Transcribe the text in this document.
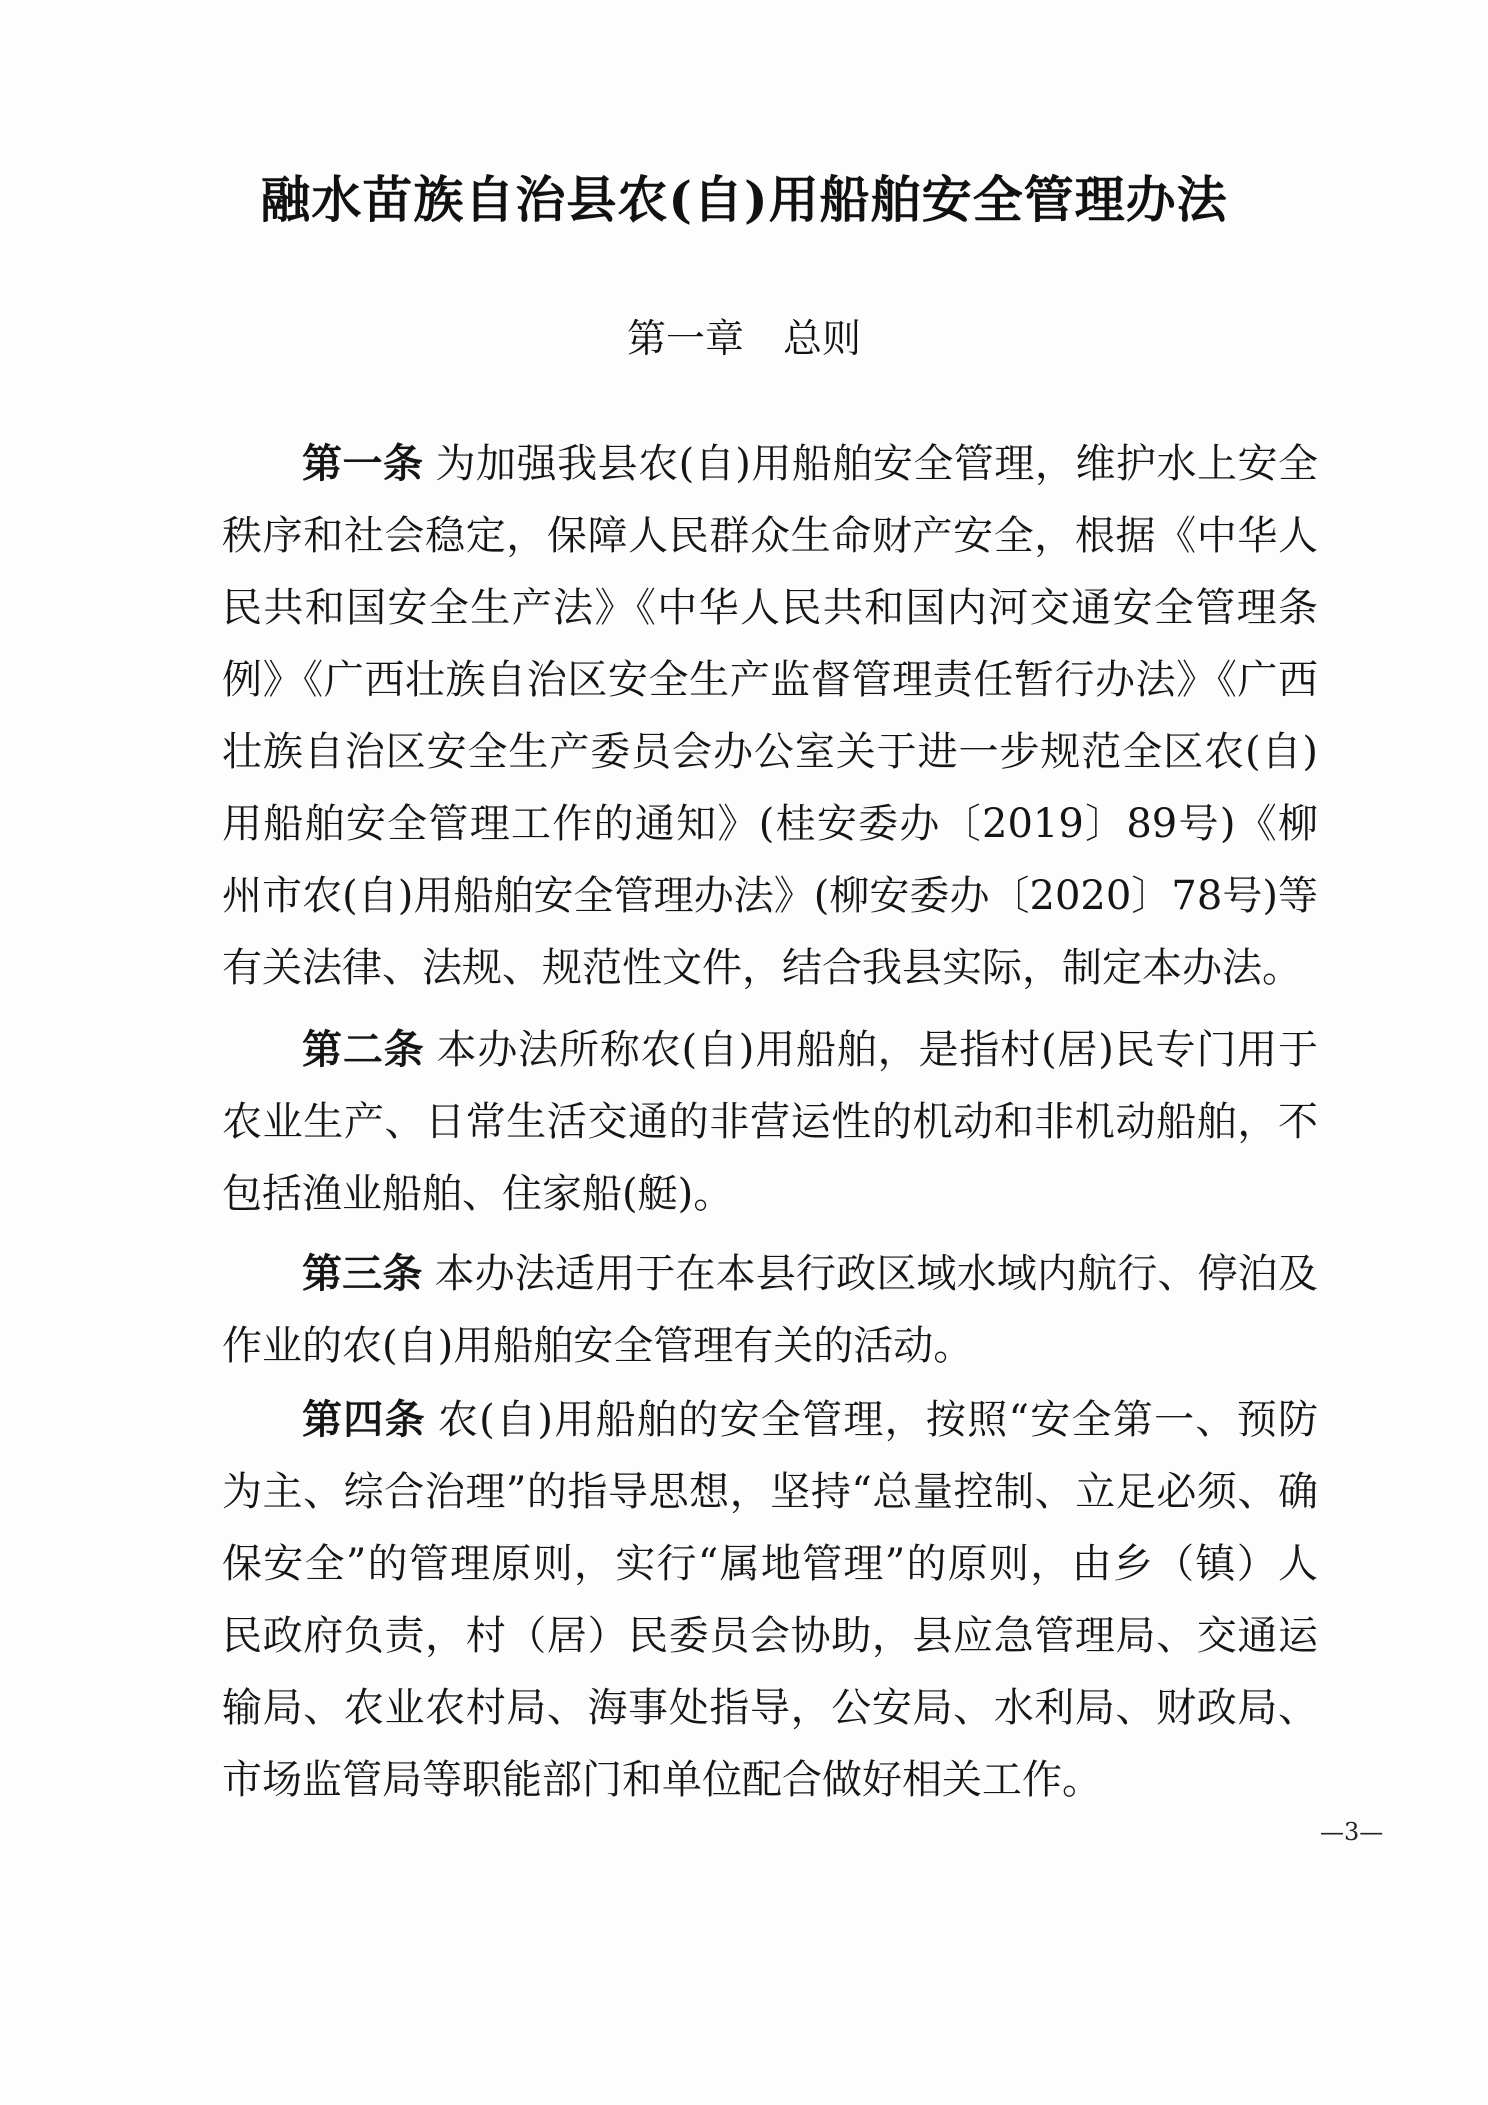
融水苗族自治县农(自)用船舶安全管理办法
第一章　总则

第一条 为加强我县农(自)用船舶安全管理，维护水上安全秩序和社会稳定，保障人民群众生命财产安全，根据《中华人民共和国安全生产法》《中华人民共和国内河交通安全管理条例》《广西壮族自治区安全生产监督管理责任暂行办法》《广西壮族自治区安全生产委员会办公室关于进一步规范全区农(自)用船舶安全管理工作的通知》(桂安委办〔2019〕89号)《柳州市农(自)用船舶安全管理办法》(柳安委办〔2020〕78号)等有关法律、法规、规范性文件，结合我县实际，制定本办法。

第二条 本办法所称农(自)用船舶，是指村(居)民专门用于农业生产、日常生活交通的非营运性的机动和非机动船舶，不包括渔业船舶、住家船(艇)。

第三条 本办法适用于在本县行政区域水域内航行、停泊及作业的农(自)用船舶安全管理有关的活动。

第四条 农(自)用船舶的安全管理，按照“安全第一、预防为主、综合治理”的指导思想，坚持“总量控制、立足必须、确保安全”的管理原则，实行“属地管理”的原则，由乡（镇）人民政府负责，村（居）民委员会协助，县应急管理局、交通运输局、农业农村局、海事处指导，公安局、水利局、财政局、市场监管局等职能部门和单位配合做好相关工作。

—3—
